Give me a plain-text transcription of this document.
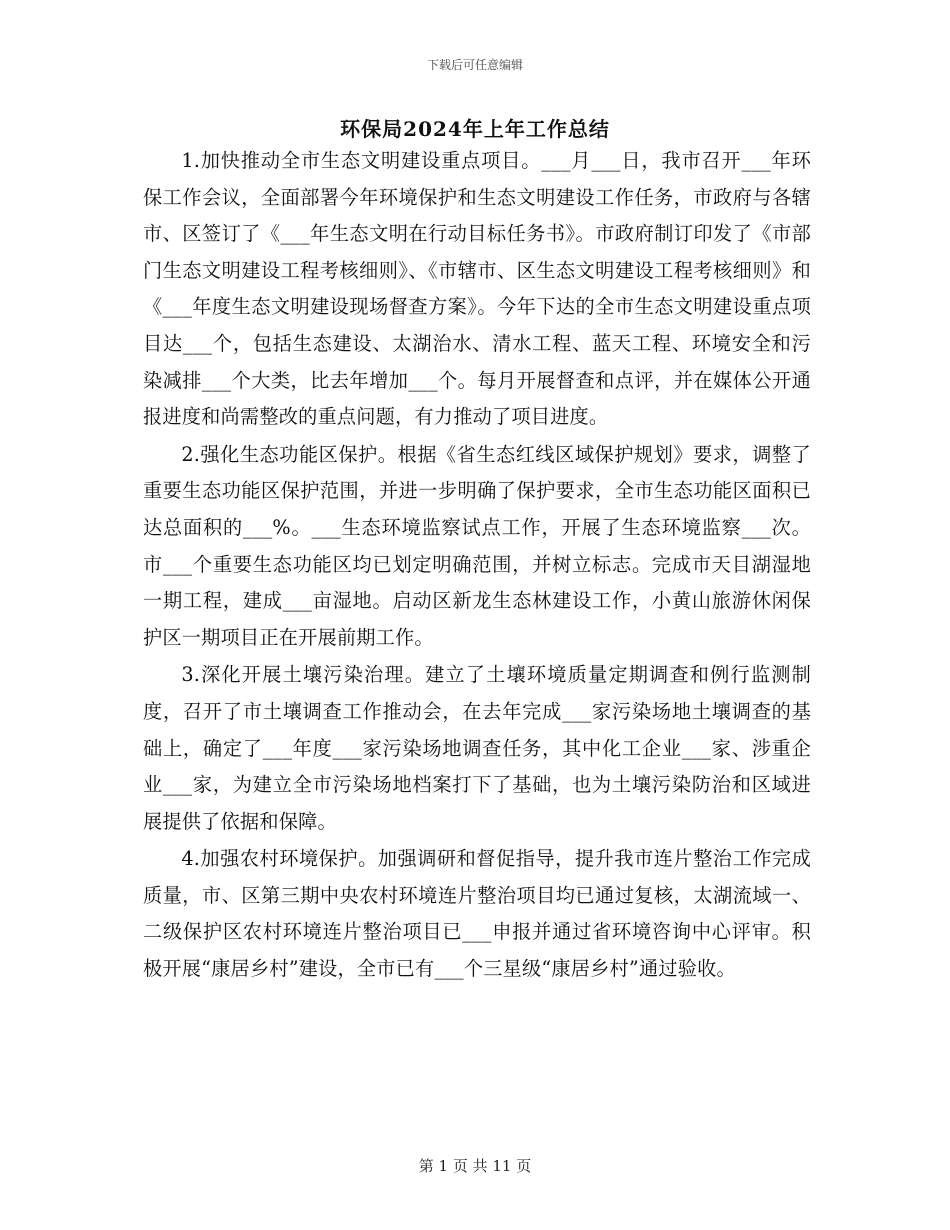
下载后可任意编辑
环保局2024年上年工作总结

1.加快推动全市生态文明建设重点项目。___月___日，我市召开___年环保工作会议，全面部署今年环境保护和生态文明建设工作任务，市政府与各辖市、区签订了《___年生态文明在行动目标任务书》。市政府制订印发了《市部门生态文明建设工程考核细则》、《市辖市、区生态文明建设工程考核细则》和《___年度生态文明建设现场督查方案》。今年下达的全市生态文明建设重点项目达___个，包括生态建设、太湖治水、清水工程、蓝天工程、环境安全和污染减排___个大类，比去年增加___个。每月开展督查和点评，并在媒体公开通报进度和尚需整改的重点问题，有力推动了项目进度。

2.强化生态功能区保护。根据《省生态红线区域保护规划》要求，调整了重要生态功能区保护范围，并进一步明确了保护要求，全市生态功能区面积已达总面积的___%。___生态环境监察试点工作，开展了生态环境监察___次。市___个重要生态功能区均已划定明确范围，并树立标志。完成市天目湖湿地一期工程，建成___亩湿地。启动区新龙生态林建设工作，小黄山旅游休闲保护区一期项目正在开展前期工作。

3.深化开展土壤污染治理。建立了土壤环境质量定期调查和例行监测制度，召开了市土壤调查工作推动会，在去年完成___家污染场地土壤调查的基础上，确定了___年度___家污染场地调查任务，其中化工企业___家、涉重企业___家，为建立全市污染场地档案打下了基础，也为土壤污染防治和区域进展提供了依据和保障。

4.加强农村环境保护。加强调研和督促指导，提升我市连片整治工作完成质量，市、区第三期中央农村环境连片整治项目均已通过复核，太湖流域一、二级保护区农村环境连片整治项目已___申报并通过省环境咨询中心评审。积极开展“康居乡村”建设，全市已有___个三星级“康居乡村”通过验收。

第 1 页 共 11 页
